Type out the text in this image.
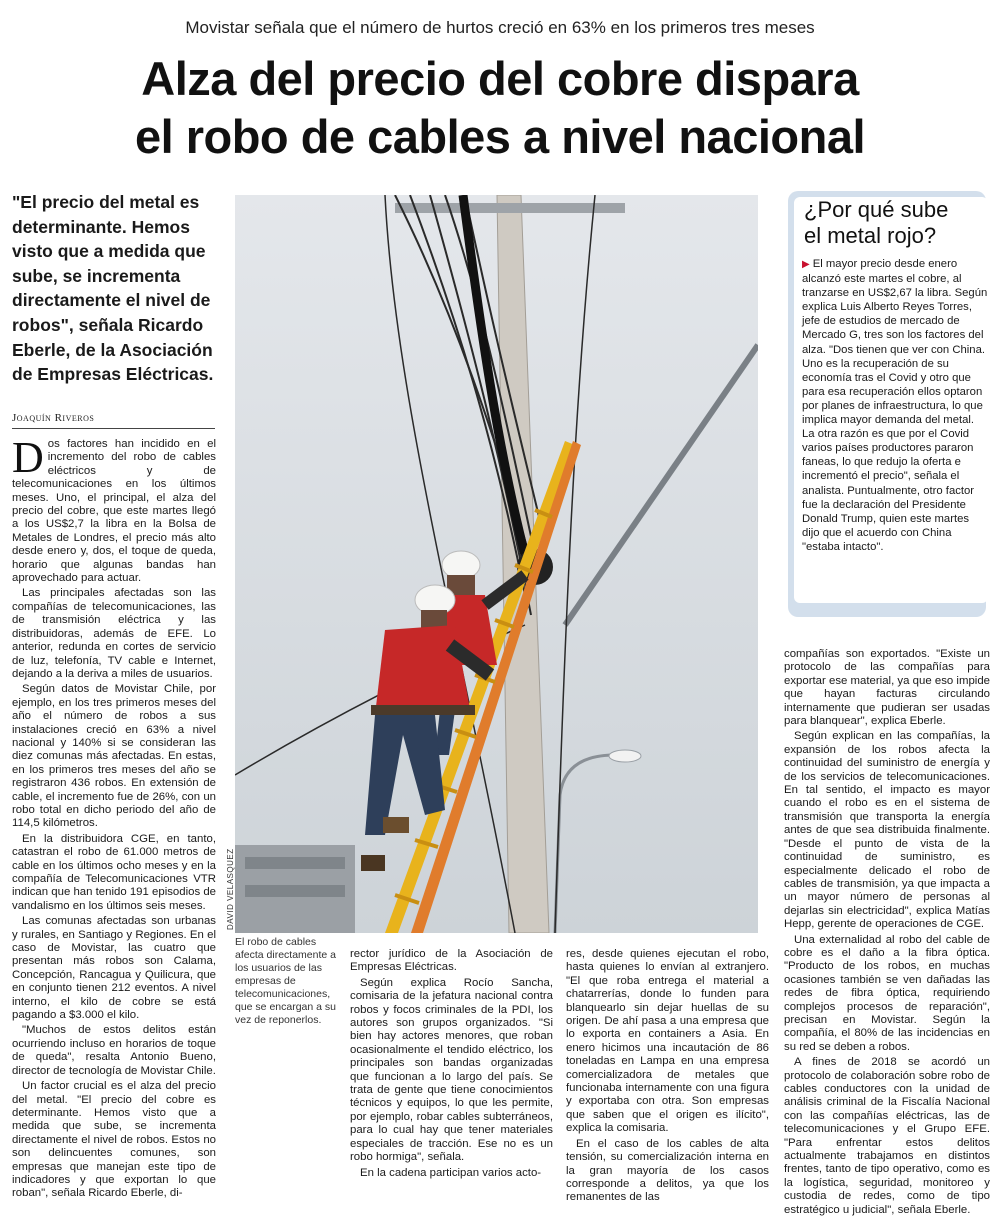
Movistar señala que el número de hurtos creció en 63% en los primeros tres meses
Alza del precio del cobre dispara
el robo de cables a nivel nacional
"El precio del metal es determinante. Hemos visto que a medida que sube, se incrementa directamente el nivel de robos", señala Ricardo Eberle, de la Asociación de Empresas Eléctricas.
Joaquín Riveros

Dos factores han incidido en el incremento del robo de cables eléctricos y de telecomunicaciones en los últimos meses. Uno, el principal, el alza del precio del cobre, que este martes llegó a los US$2,7 la libra en la Bolsa de Metales de Londres, el precio más alto desde enero y, dos, el toque de queda, horario que algunas bandas han aprovechado para actuar.

Las principales afectadas son las compañías de telecomunicaciones, las de transmisión eléctrica y las distribuidoras, además de EFE. Lo anterior, redunda en cortes de servicio de luz, telefonía, TV cable e Internet, dejando a la deriva a miles de usuarios.

Según datos de Movistar Chile, por ejemplo, en los tres primeros meses del año el número de robos a sus instalaciones creció en 63% a nivel nacional y 140% si se consideran las diez comunas más afectadas. En estas, en los primeros tres meses del año se registraron 436 robos. En extensión de cable, el incremento fue de 26%, con un robo total en dicho periodo del año de 114,5 kilómetros.

En la distribuidora CGE, en tanto, catastran el robo de 61.000 metros de cable en los últimos ocho meses y en la compañía de Telecomunicaciones VTR indican que han tenido 191 episodios de vandalismo en los últimos seis meses.

Las comunas afectadas son urbanas y rurales, en Santiago y Regiones. En el caso de Movistar, las cuatro que presentan más robos son Calama, Concepción, Rancagua y Quilicura, que en conjunto tienen 212 eventos. A nivel interno, el kilo de cobre se está pagando a $3.000 el kilo.

"Muchos de estos delitos están ocurriendo incluso en horarios de toque de queda", resalta Antonio Bueno, director de tecnología de Movistar Chile.

Un factor crucial es el alza del precio del metal. "El precio del cobre es determinante. Hemos visto que a medida que sube, se incrementa directamente el nivel de robos. Estos no son delincuentes comunes, son empresas que manejan este tipo de indicadores y que exportan lo que roban", señala Ricardo Eberle, di-

DAVID VELASQUEZ
El robo de cables afecta directamente a los usuarios de las empresas de telecomunicaciones, que se encargan a su vez de reponerlos.

rector jurídico de la Asociación de Empresas Eléctricas.

Según explica Rocío Sancha, comisaria de la jefatura nacional contra robos y focos criminales de la PDI, los autores son grupos organizados. "Si bien hay actores menores, que roban ocasionalmente el tendido eléctrico, los principales son bandas organizadas que funcionan a lo largo del país. Se trata de gente que tiene conocimientos técnicos y equipos, lo que les permite, por ejemplo, robar cables subterráneos, para lo cual hay que tener materiales especiales de tracción. Ese no es un robo hormiga", señala.

En la cadena participan varios acto-

res, desde quienes ejecutan el robo, hasta quienes lo envían al extranjero. "El que roba entrega el material a chatarrerías, donde lo funden para blanquearlo sin dejar huellas de su origen. De ahí pasa a una empresa que lo exporta en containers a Asia. En enero hicimos una incautación de 86 toneladas en Lampa en una empresa comercializadora de metales que funcionaba internamente con una figura y exportaba con otra. Son empresas que saben que el origen es ilícito", explica la comisaria.

En el caso de los cables de alta tensión, su comercialización interna en la gran mayoría de los casos corresponde a delitos, ya que los remanentes de las

¿Por qué sube
el metal rojo?
▶ El mayor precio desde enero alcanzó este martes el cobre, al tranzarse en US$2,67 la libra. Según explica Luis Alberto Reyes Torres, jefe de estudios de mercado de Mercado G, tres son los factores del alza. "Dos tienen que ver con China. Uno es la recuperación de su economía tras el Covid y otro que para esa recuperación ellos optaron por planes de infraestructura, lo que implica mayor demanda del metal. La otra razón es que por el Covid varios países productores pararon faneas, lo que redujo la oferta e incrementó el precio", señala el analista. Puntualmente, otro factor fue la declaración del Presidente Donald Trump, quien este martes dijo que el acuerdo con China "estaba intacto".

compañías son exportados. "Existe un protocolo de las compañías para exportar ese material, ya que eso impide que hayan facturas circulando internamente que pudieran ser usadas para blanquear", explica Eberle.

Según explican en las compañías, la expansión de los robos afecta la continuidad del suministro de energía y de los servicios de telecomunicaciones. En tal sentido, el impacto es mayor cuando el robo es en el sistema de transmisión que transporta la energía antes de que sea distribuida finalmente. "Desde el punto de vista de la continuidad de suministro, es especialmente delicado el robo de cables de transmisión, ya que impacta a un mayor número de personas al dejarlas sin electricidad", explica Matías Hepp, gerente de operaciones de CGE.

Una externalidad al robo del cable de cobre es el daño a la fibra óptica. "Producto de los robos, en muchas ocasiones también se ven dañadas las redes de fibra óptica, requiriendo complejos procesos de reparación", precisan en Movistar. Según la compañía, el 80% de las incidencias en su red se deben a robos.

A fines de 2018 se acordó un protocolo de colaboración sobre robo de cables conductores con la unidad de análisis criminal de la Fiscalía Nacional con las compañías eléctricas, las de telecomunicaciones y el Grupo EFE. "Para enfrentar estos delitos actualmente trabajamos en distintos frentes, tanto de tipo operativo, como es la logística, seguridad, monitoreo y custodia de redes, como de tipo estratégico u judicial", señala Eberle.
